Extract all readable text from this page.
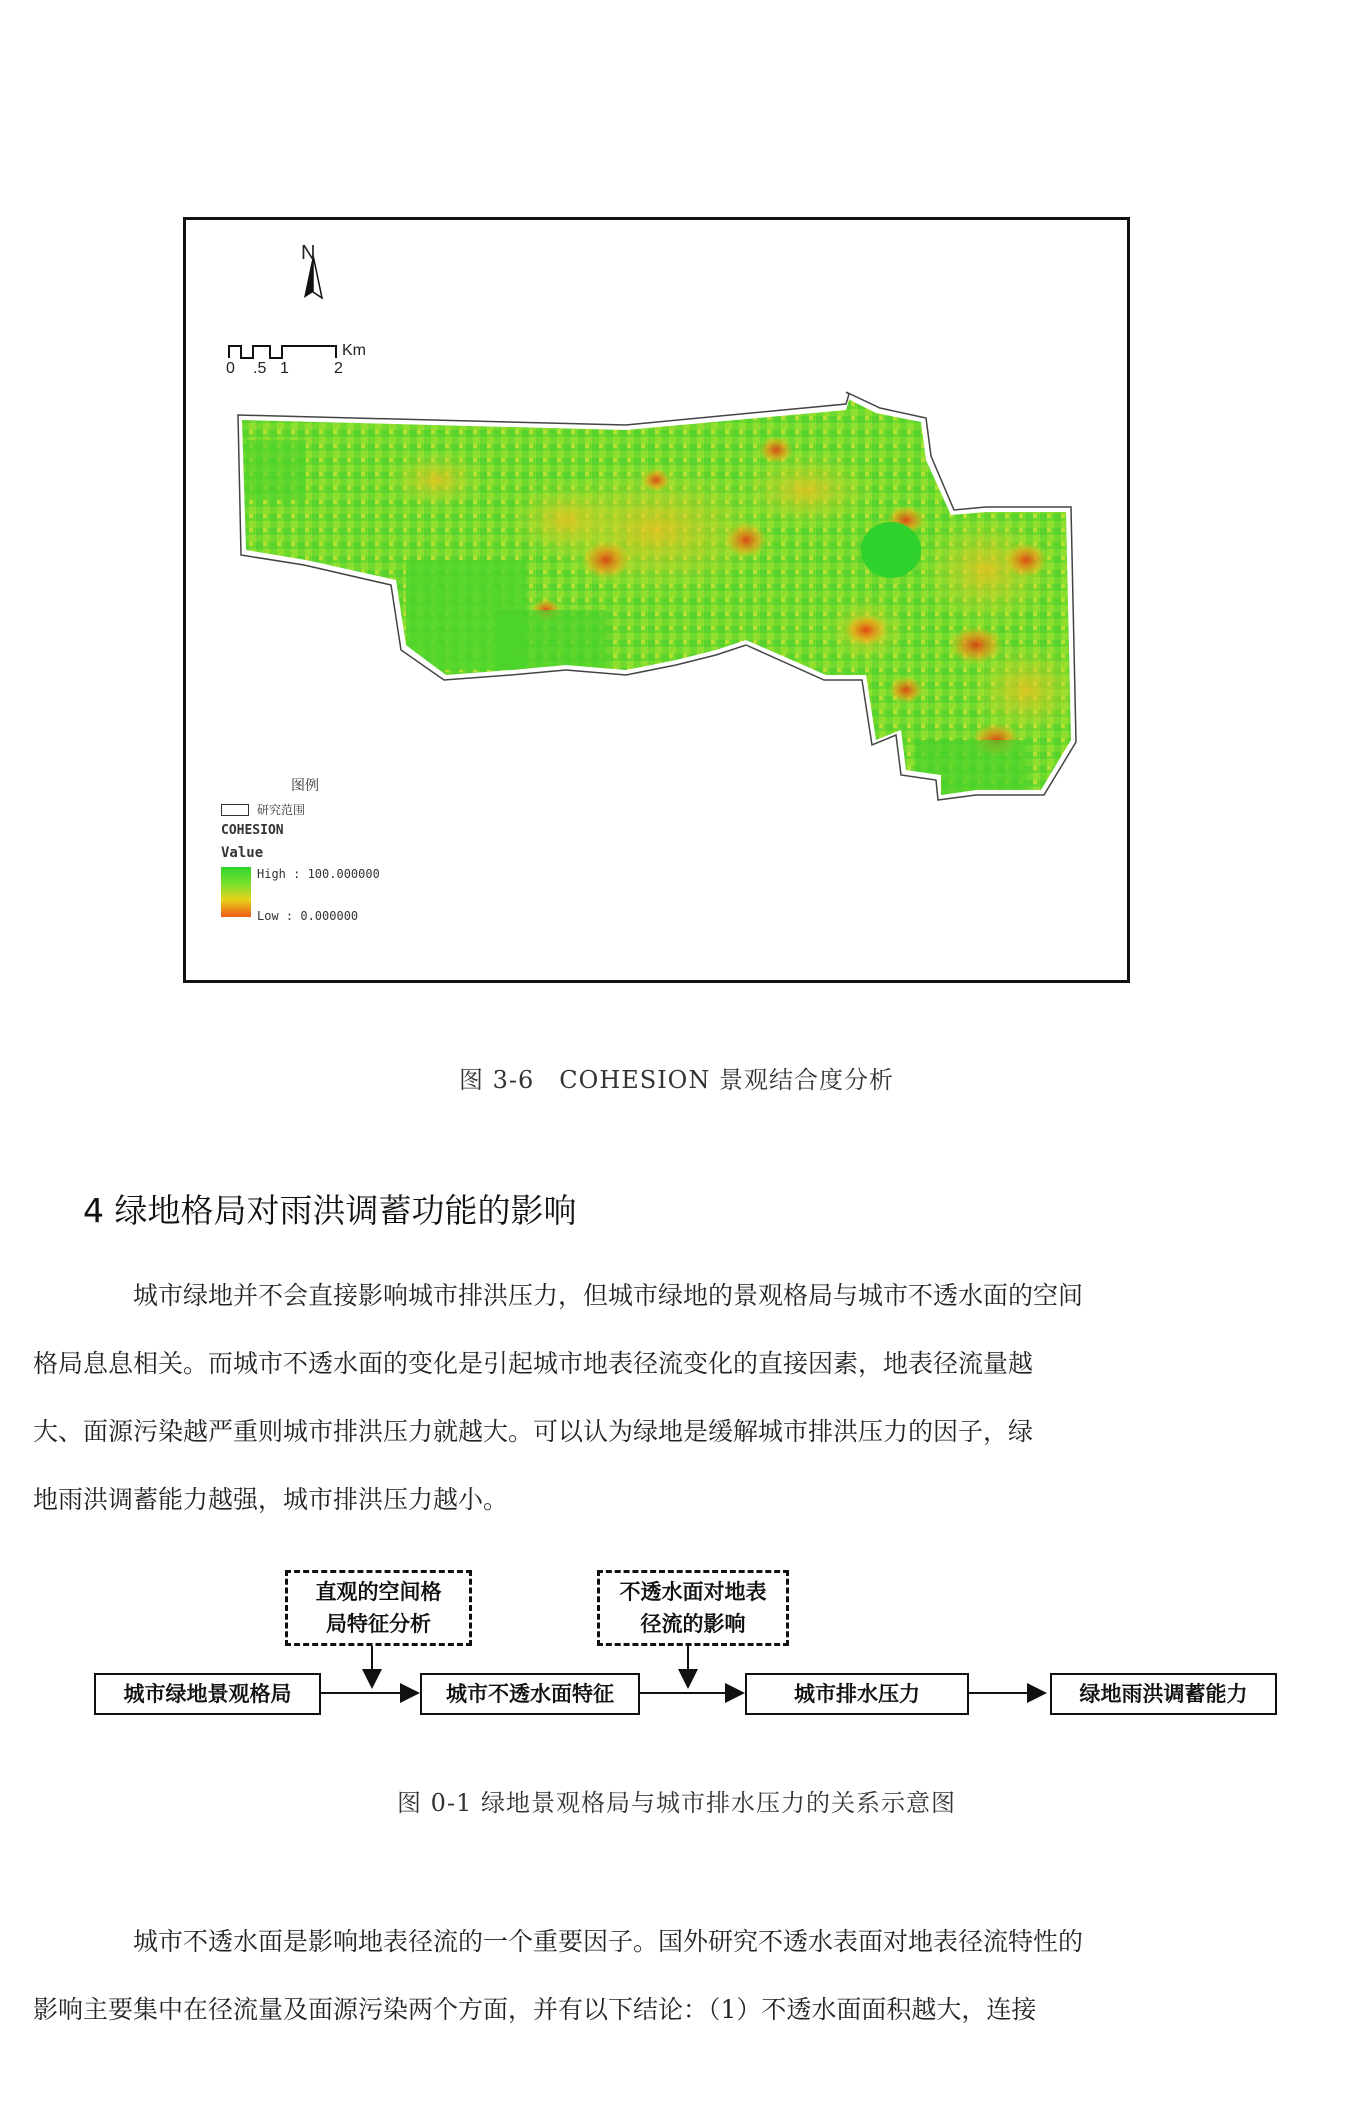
N
0 .5 1	2
Km
图例
研究范围
COHESION
Value
High : 100.000000
Low : 0.000000
图 3-6　COHESION 景观结合度分析
4 绿地格局对雨洪调蓄功能的影响
城市绿地并不会直接影响城市排洪压力，但城市绿地的景观格局与城市不透水面的空间
格局息息相关。而城市不透水面的变化是引起城市地表径流变化的直接因素，地表径流量越
大、面源污染越严重则城市排洪压力就越大。可以认为绿地是缓解城市排洪压力的因子，绿
地雨洪调蓄能力越强，城市排洪压力越小。
直观的空间格
局特征分析
不透水面对地表
径流的影响
城市绿地景观格局	城市不透水面特征	城市排水压力	绿地雨洪调蓄能力
图 0-1 绿地景观格局与城市排水压力的关系示意图
城市不透水面是影响地表径流的一个重要因子。国外研究不透水表面对地表径流特性的
影响主要集中在径流量及面源污染两个方面，并有以下结论：（1）不透水面面积越大，连接
